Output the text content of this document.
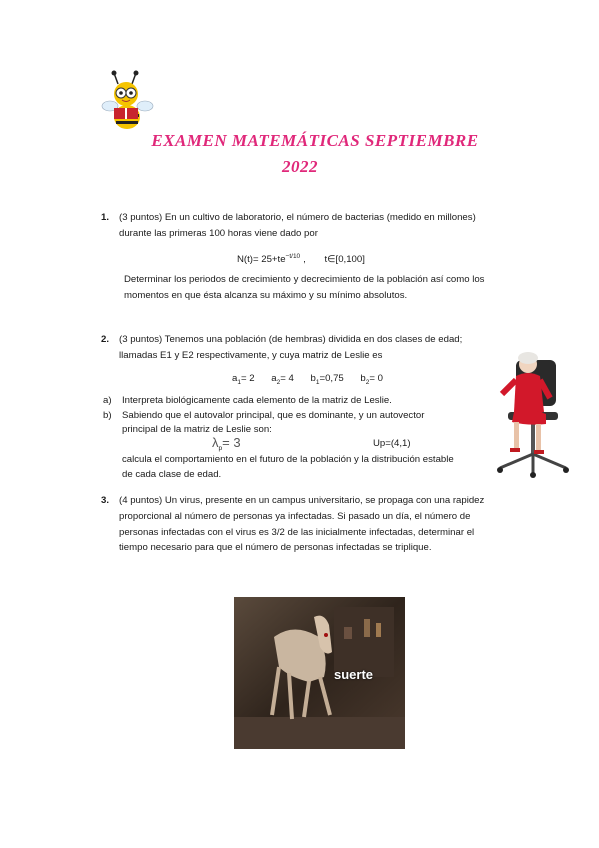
EXAMEN MATEMÁTICAS SEPTIEMBRE
2022
1. (3 puntos) En un cultivo de laboratorio, el número de bacterias (medido en millones)
durante las primeras 100 horas viene dado por
$N(t)= 25+te^{-t/10}$ , t∈[0,100]
Determinar los periodos de crecimiento y decrecimiento de la población así como los
momentos en que ésta alcanza su máximo y su mínimo absolutos.
2. (3 puntos) Tenemos una población (de hembras) dividida en dos clases de edad;
llamadas E1 y E2 respectivamente, y cuya matriz de Leslie es
$a_1= 2$ $a_2= 4$ $b_1=0,75$ $b_2= 0$
a) Interpreta biológicamente cada elemento de la matriz de Leslie.
b) Sabiendo que el autovalor principal, que es dominante, y un autovector
principal de la matriz de Leslie son:
$\lambda_p= 3$	Up=(4,1)
calcula el comportamiento en el futuro de la población y la distribución estable
de cada clase de edad.
3. (4 puntos) Un virus, presente en un campus universitario, se propaga con una rapidez
proporcional al número de personas ya infectadas. Si pasado un día, el número de
personas infectadas con el virus es 3/2 de las inicialmente infectadas, determinar el
tiempo necesario para que el número de personas infectadas se triplique.
suerte
